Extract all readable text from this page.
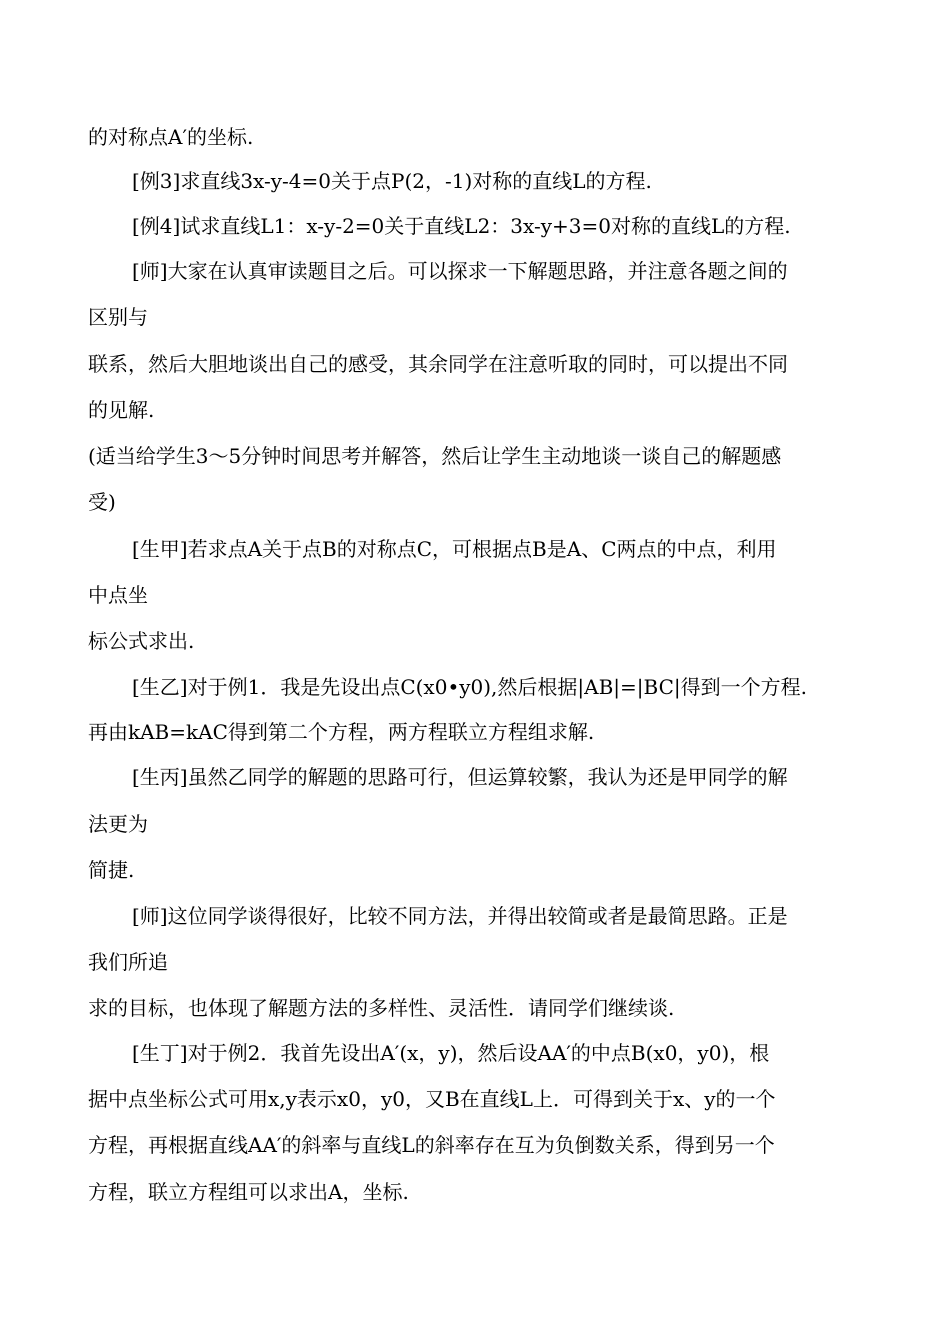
的对称点A′的坐标.
[例3]求直线3x-y-4=0关于点P(2，-1)对称的直线L的方程.
[例4]试求直线L1：x-y-2=0关于直线L2：3x-y+3=0对称的直线L的方程.
[师]大家在认真审读题目之后。可以探求一下解题思路，并注意各题之间的
区别与
联系，然后大胆地谈出自己的感受，其余同学在注意听取的同时，可以提出不同
的见解.
(适当给学生3～5分钟时间思考并解答，然后让学生主动地谈一谈自己的解题感
受)
[生甲]若求点A关于点B的对称点C，可根据点B是A、C两点的中点，利用
中点坐
标公式求出.
[生乙]对于例1．我是先设出点C(x0•y0),然后根据|AB|=|BC|得到一个方程.
再由kAB=kAC得到第二个方程，两方程联立方程组求解.
[生丙]虽然乙同学的解题的思路可行，但运算较繁，我认为还是甲同学的解
法更为
简捷.
[师]这位同学谈得很好，比较不同方法，并得出较简或者是最简思路。正是
我们所追
求的目标，也体现了解题方法的多样性、灵活性．请同学们继续谈.
[生丁]对于例2．我首先设出A′(x，y)，然后设AA′的中点B(x0，y0)，根
据中点坐标公式可用x,y表示x0，y0，又B在直线L上．可得到关于x、y的一个
方程，再根据直线AA′的斜率与直线L的斜率存在互为负倒数关系，得到另一个
方程，联立方程组可以求出A，坐标.
